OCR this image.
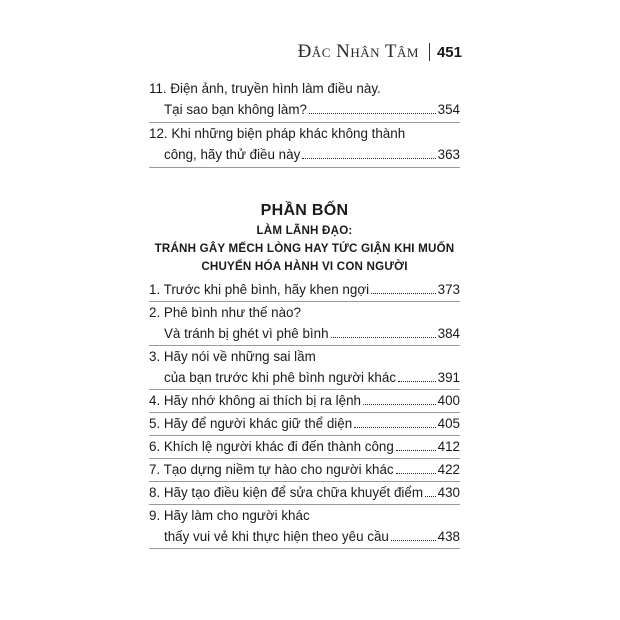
Đắc Nhân Tâm 451
11. Điện ảnh, truyền hình làm điều này.
Tại sao bạn không làm?	354
12. Khi những biện pháp khác không thành
công, hãy thử điều này	363
PHẦN BỐN
LÀM LÃNH ĐẠO:
TRÁNH GÂY MẾCH LÒNG HAY TỨC GIẬN KHI MUỐN
CHUYỂN HÓA HÀNH VI CON NGƯỜI
1. Trước khi phê bình, hãy khen ngợi	373
2. Phê bình như thế nào?
Và tránh bị ghét vì phê bình	384
3. Hãy nói về những sai lầm
của bạn trước khi phê bình người khác	391
4. Hãy nhớ không ai thích bị ra lệnh	400
5. Hãy để người khác giữ thể diện	405
6. Khích lệ người khác đi đến thành công	412
7. Tạo dựng niềm tự hào cho người khác	422
8. Hãy tạo điều kiện để sửa chữa khuyết điểm 430
9. Hãy làm cho người khác
thấy vui vẻ khi thực hiện theo yêu cầu	438
